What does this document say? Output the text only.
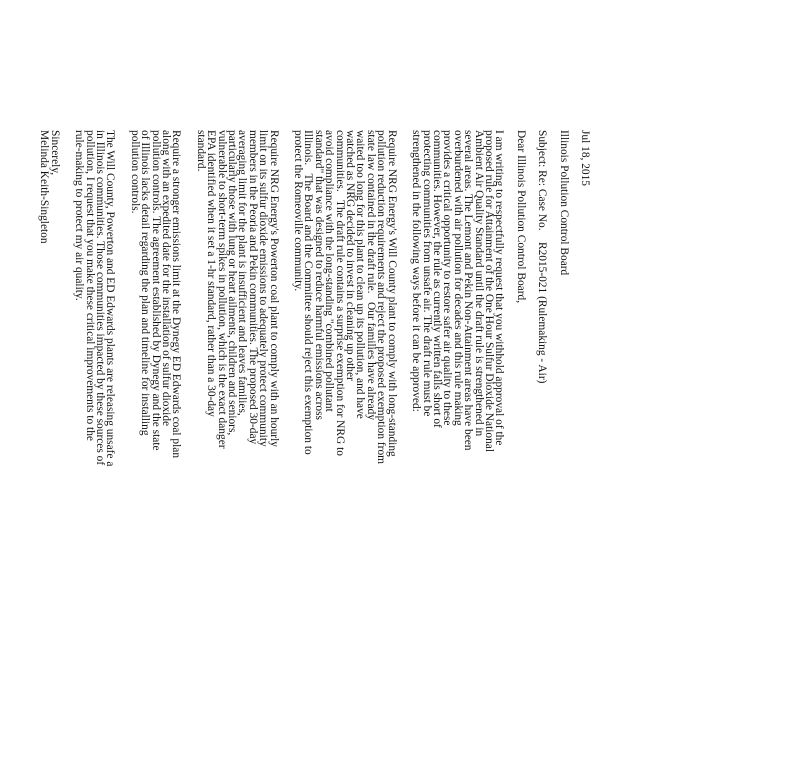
Jul 18, 2015

Illinois Pollution Control Board

Subject: Re: Case No.    R2015-021 (Rulemaking - Air)

Dear Illinois Pollution Control Board,

I am writing to respectfully request that you withhold approval of the

proposed rule for Attainment of the One Hour Sulfur Dioxide National

Ambient Air Quality Standard until the draft rule is strengthened in

several areas. The Lemont and Pekin Non-Attainment areas have been

overburdened with air pollution for decades and this rule making

provides a critical opportunity to restore safer air quality to these

communities. However, the rule as currently written falls short of

protecting communities from unsafe air. The draft rule must be

strengthened in the following ways before it can be approved:

Require NRG Energy's Will County plant to comply with long-standing

pollution reduction requirements and reject the proposed exemption from

state law contained in the draft rule.   Our families have already

waited too long for this plant to clean up its pollution, and have

watched as NRG decided to invest in cleaning up other

communities.   The draft rule contains a surprise exemption for NRG to

avoid compliance with the long-standing "combined pollutant

standard" that was designed to reduce harmful emissions across

Illinois.   The Board and the Committee should reject this exemption to

protect the Romeoville community.

Require NRG Energy's Powerton coal plant to comply with an hourly

limit on its sulfur dioxide emissions to adequately protect community

members in the Peoria and Pekin communities. The proposed 30-day

averaging limit for the plant is insufficient and leaves families,

particularly those with lung or heart ailments, children and seniors,

vulnerable to short-term spikes in pollution, which is the exact danger

EPA identified when it set a 1-hr standard, rather than a 30-day

standard.

Require a stronger emissions limit at the Dynegy ED Edwards coal plan

along with an expedited date for the installation of sulfur dioxide

pollution controls. The agreement established by Dynegy and the state

of Illinois lacks detail regarding the plan and timeline for installing

pollution controls.

The Will County, Powerton and ED Edwards plants are releasing unsafe a

in Illinois communities. Those communities impacted by these sources of

pollution, I request that you make these critical improvements to the

rule-making to protect my air quality.

Sincerely,

Melinda Keith-Singleton
